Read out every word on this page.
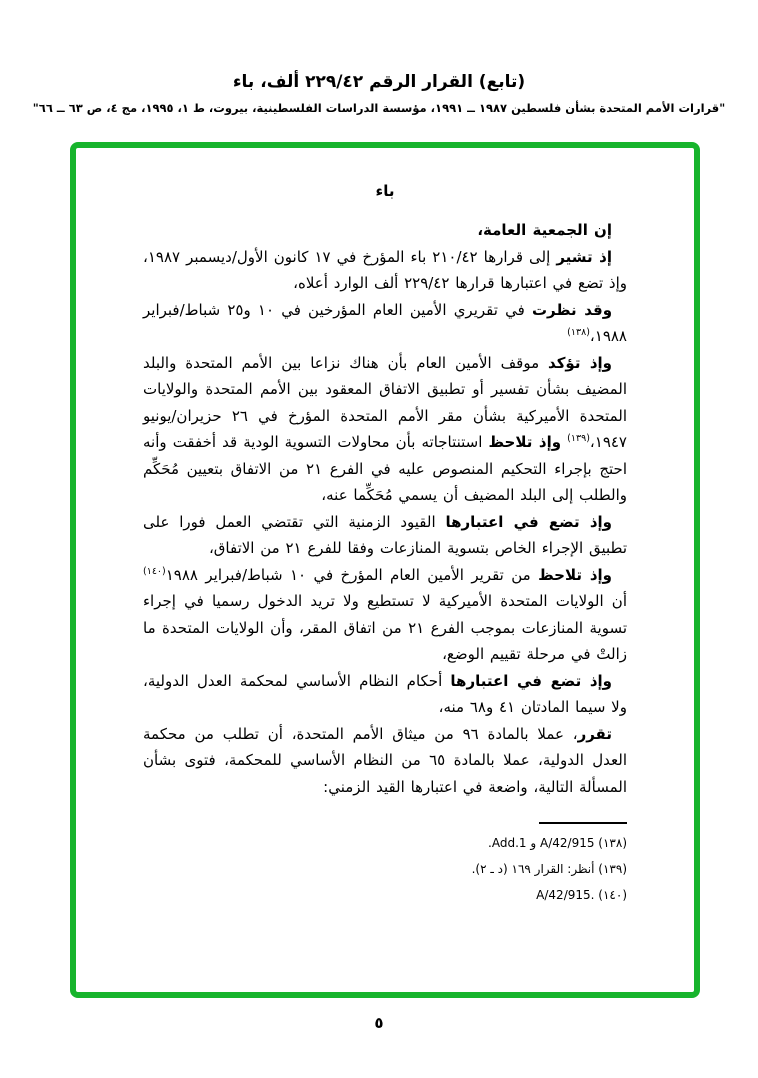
(تابع) القرار الرقم ٢٢٩/٤٢ ألف، باء
"قرارات الأمم المتحدة بشأن فلسطين ١٩٨٧ ــ ١٩٩١، مؤسسة الدراسات الفلسطينية، بيروت، ط ١، ١٩٩٥، مج ٤، ص ٦٣ ــ ٦٦"
باء

إن الجمعية العامة،

إذ تشير إلى قرارها ٢١٠/٤٢ باء المؤرخ في ١٧ كانون الأول/ديسمبر ١٩٨٧، وإذ تضع في اعتبارها قرارها ٢٢٩/٤٢ ألف الوارد أعلاه،

وقد نظرت في تقريري الأمين العام المؤرخين في ١٠ و٢٥ شباط/فبراير ١٩٨٨،$^{(١٣٨)}$

وإذ تؤكد موقف الأمين العام بأن هناك نزاعا بين الأمم المتحدة والبلد المضيف بشأن تفسير أو تطبيق الاتفاق المعقود بين الأمم المتحدة والولايات المتحدة الأميركية بشأن مقر الأمم المتحدة المؤرخ في ٢٦ حزيران/يونيو ١٩٤٧،$^{(١٣٩)}$ وإذ تلاحظ استنتاجاته بأن محاولات التسوية الودية قد أخفقت وأنه احتج بإجراء التحكيم المنصوص عليه في الفرع ٢١ من الاتفاق بتعيين مُحَكِّم والطلب إلى البلد المضيف أن يسمي مُحَكِّما عنه،

وإذ تضع في اعتبارها القيود الزمنية التي تقتضي العمل فورا على تطبيق الإجراء الخاص بتسوية المنازعات وفقا للفرع ٢١ من الاتفاق،

وإذ تلاحظ من تقرير الأمين العام المؤرخ في ١٠ شباط/فبراير ١٩٨٨$^{(١٤٠)}$ أن الولايات المتحدة الأميركية لا تستطيع ولا تريد الدخول رسميا في إجراء تسوية المنازعات بموجب الفرع ٢١ من اتفاق المقر، وأن الولايات المتحدة ما زالتْ في مرحلة تقييم الوضع،

وإذ تضع في اعتبارها أحكام النظام الأساسي لمحكمة العدل الدولية، ولا سيما المادتان ٤١ و٦٨ منه،

تقرر، عملا بالمادة ٩٦ من ميثاق الأمم المتحدة، أن تطلب من محكمة العدل الدولية، عملا بالمادة ٦٥ من النظام الأساسي للمحكمة، فتوى بشأن المسألة التالية، واضعة في اعتبارها القيد الزمني:

(١٣٨) A/42/915 و Add.1.
(١٣٩) أنظر: القرار ١٦٩ (د ـ ٢).
(١٤٠) A/42/915.‎
٥
